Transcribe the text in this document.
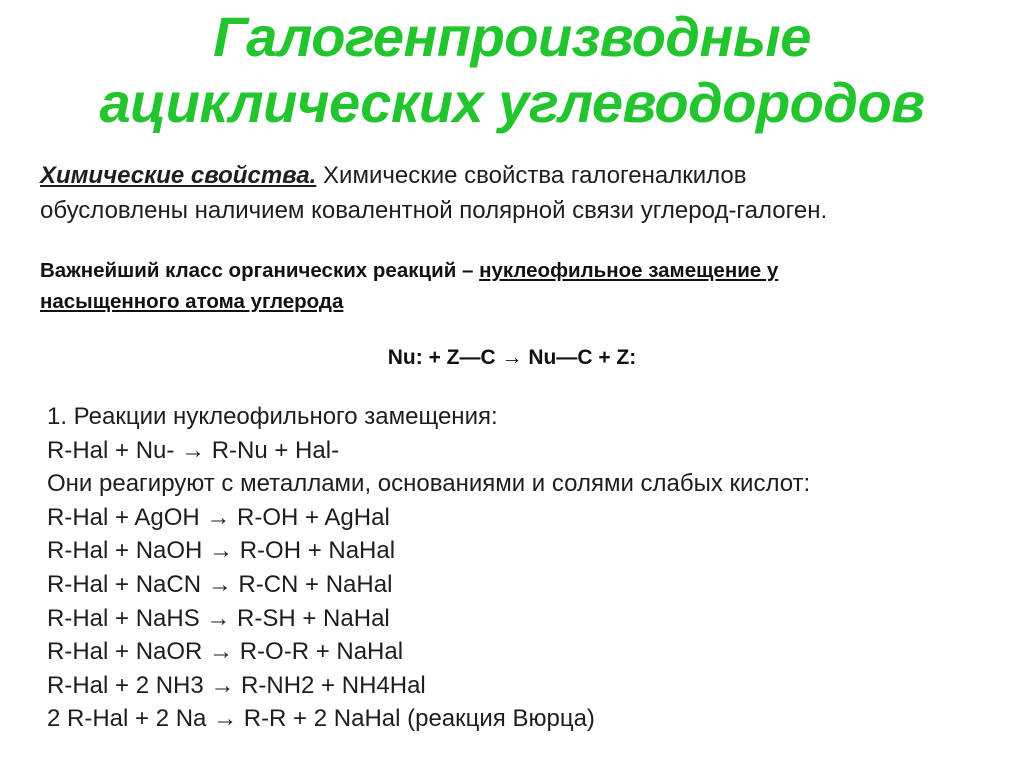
Галогенпроизводные
ациклических углеводородов
Химические свойства. Химические свойства галогеналкилов
обусловлены наличием ковалентной полярной связи углерод-галоген.
Важнейший класс органических реакций – нуклеофильное замещение у
насыщенного атома углерода
Nu: + Z—C → Nu—C + Z:
1. Реакции нуклеофильного замещения:
R-Hal + Nu- → R-Nu + Hal-
Они реагируют с металлами, основаниями и солями слабых кислот:
R-Hal + AgOH → R-OH + AgHal
R-Hal + NaOH → R-OH + NaHal
R-Hal + NaCN → R-CN + NaHal
R-Hal + NaHS → R-SH + NaHal
R-Hal + NaOR → R-O-R + NaHal
R-Hal + 2 NH3 → R-NH2 + NH4Hal
2 R-Hal + 2 Na → R-R + 2 NaHal (реакция Вюрца)
